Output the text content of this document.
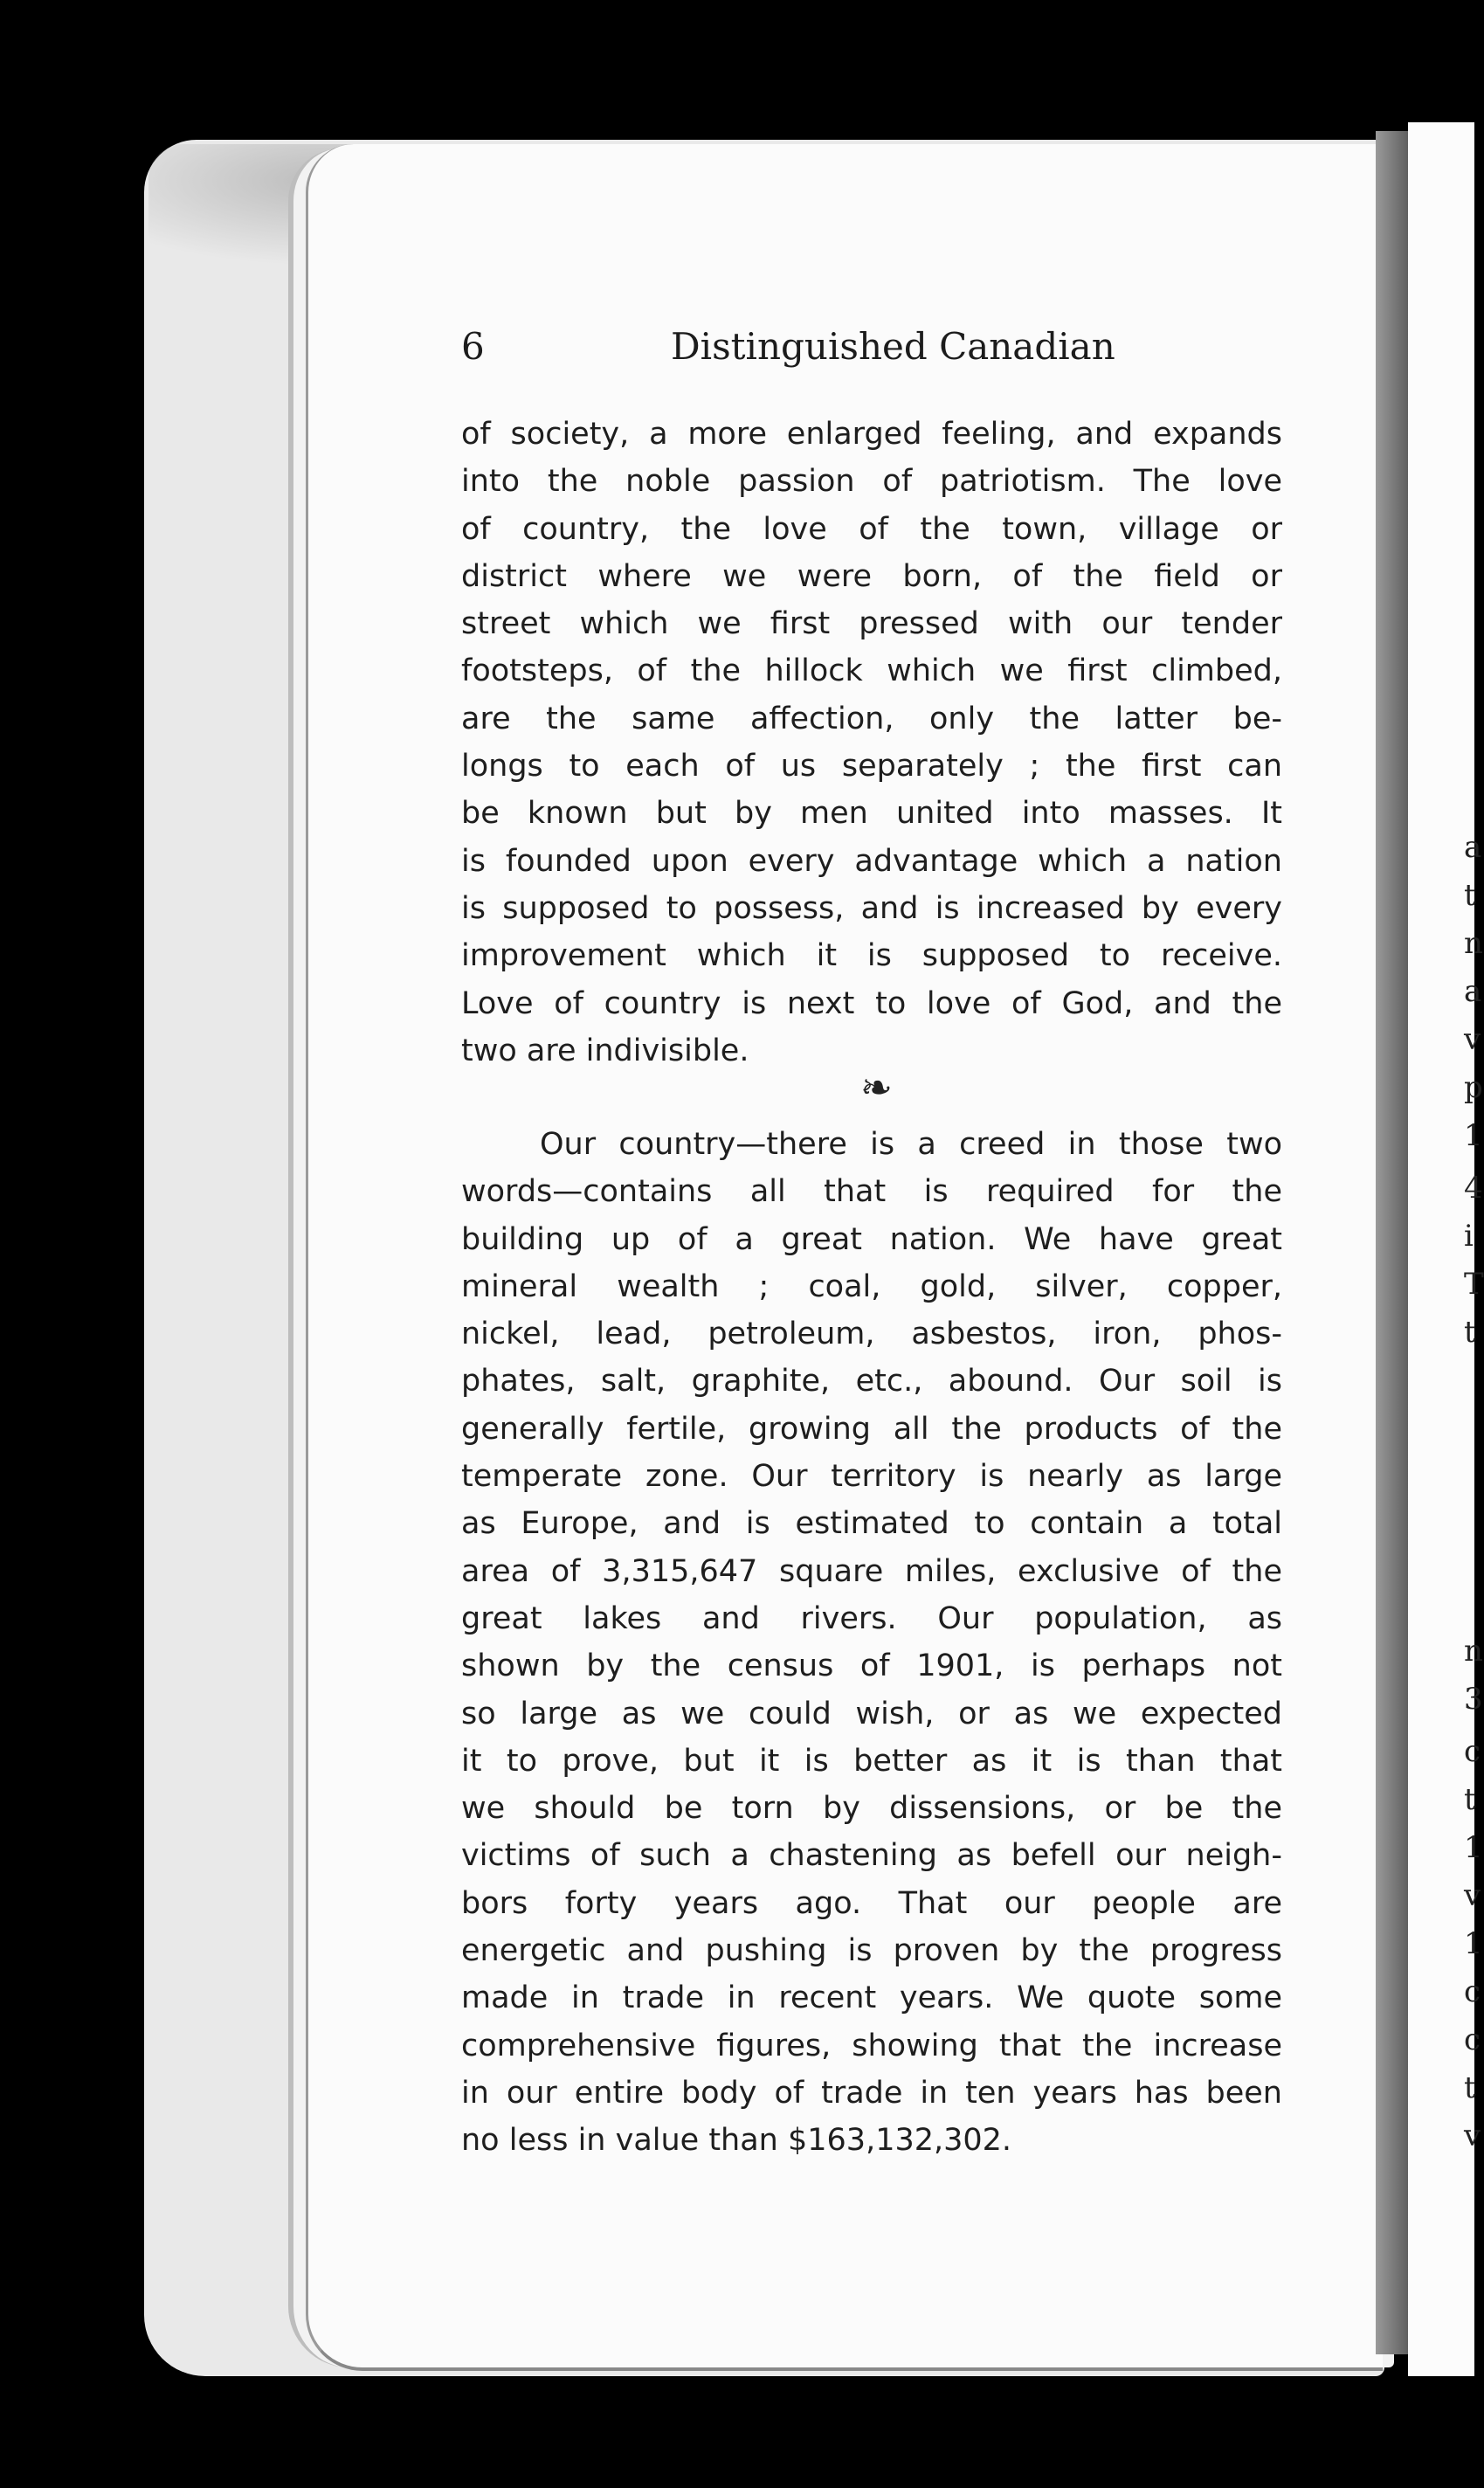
a
t
n
a
v
p
1
4
i
T
t
n
3
c
t
1
v
1
c
c
t
v
6	Distinguished Canadian
of society, a more enlarged feeling, and expands
into the noble passion of patriotism. The love
of country, the love of the town, village or
district where we were born, of the field or
street which we first pressed with our tender
footsteps, of the hillock which we first climbed,
are the same affection, only the latter be-
longs to each of us separately ; the first can
be known but by men united into masses. It
is founded upon every advantage which a nation
is supposed to possess, and is increased by every
improvement which it is supposed to receive.
Love of country is next to love of God, and the
two are indivisible.
❧
Our country—there is a creed in those two
words—contains all that is required for the
building up of a great nation. We have great
mineral wealth ; coal, gold, silver, copper,
nickel, lead, petroleum, asbestos, iron, phos-
phates, salt, graphite, etc., abound. Our soil is
generally fertile, growing all the products of the
temperate zone. Our territory is nearly as large
as Europe, and is estimated to contain a total
area of 3,315,647 square miles, exclusive of the
great lakes and rivers. Our population, as
shown by the census of 1901, is perhaps not
so large as we could wish, or as we expected
it to prove, but it is better as it is than that
we should be torn by dissensions, or be the
victims of such a chastening as befell our neigh-
bors forty years ago. That our people are
energetic and pushing is proven by the progress
made in trade in recent years. We quote some
comprehensive figures, showing that the increase
in our entire body of trade in ten years has been
no less in value than $163,132,302.
